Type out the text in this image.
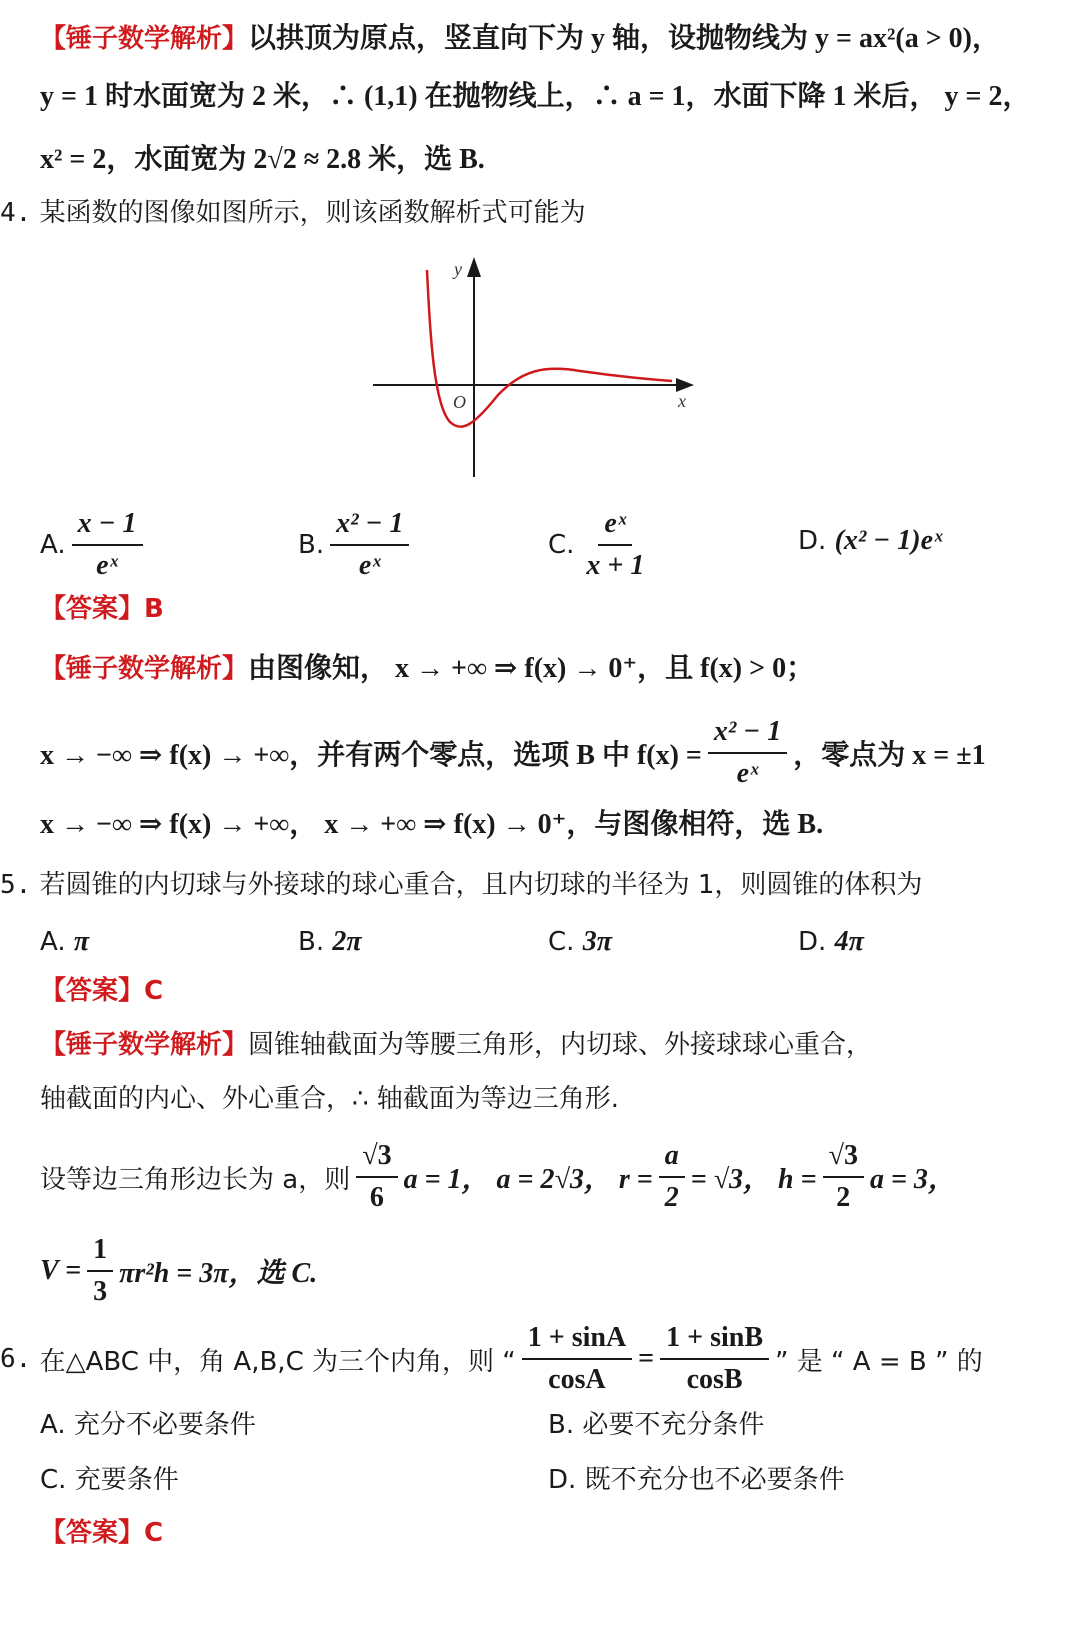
【锤子数学解析】以拱顶为原点，竖直向下为 y 轴，设抛物线为 y = ax²(a > 0)，
y = 1 时水面宽为 2 米，∴ (1,1) 在抛物线上，∴ a = 1，水面下降 1 米后， y = 2，
x² = 2，水面宽为 2√2 ≈ 2.8 米，选 B.
4. 某函数的图像如图所示，则该函数解析式可能为
y
x
O
A. $\frac{x - 1}{\text{eˣ}}$	B. $\frac{\text{x² − 1}}{\text{eˣ}}$	C. $\frac{\text{eˣ}}{x + 1}$	D.
(x² − 1)eˣ
【答案】B
【锤子数学解析】由图像知， x → +∞ ⇒ f(x) → 0⁺，且 f(x) > 0；
x → −∞ ⇒ f(x) → +∞，并有两个零点，选项 B 中 $f(x) = \frac{\text{x² − 1}}{\text{eˣ}}$ ，零点为 x = ±1
x → −∞ ⇒ f(x) → +∞， x → +∞ ⇒ f(x) → 0⁺，与图像相符，选 B.
5. 若圆锥的内切球与外接球的球心重合，且内切球的半径为 1，则圆锥的体积为
A. π	B. 2π	C. 3π	D. 4π
【答案】C
【锤子数学解析】圆锥轴截面为等腰三角形，内切球、外接球球心重合，
轴截面的内心、外心重合，∴ 轴截面为等边三角形.
设等边三角形边长为 a，则 $\frac{√3}{6}$ a = 1， a = 2√3， $r = \frac{a}{2} = √3$， $h = \frac{√3}{2}$ a = 3，
$V = \frac{1}{3} \pi r^2h = 3\pi$，选 C.
6.
在△ABC 中，角 A,B,C 为三个内角，则 “ $\frac{1 + \sin A}{\cos A} = \frac{1 + \sin B}{\cos B}$ ” 是 “ A = B ” 的
A. 充分不必要条件	B. 必要不充分条件
C. 充要条件	D. 既不充分也不必要条件
【答案】C
